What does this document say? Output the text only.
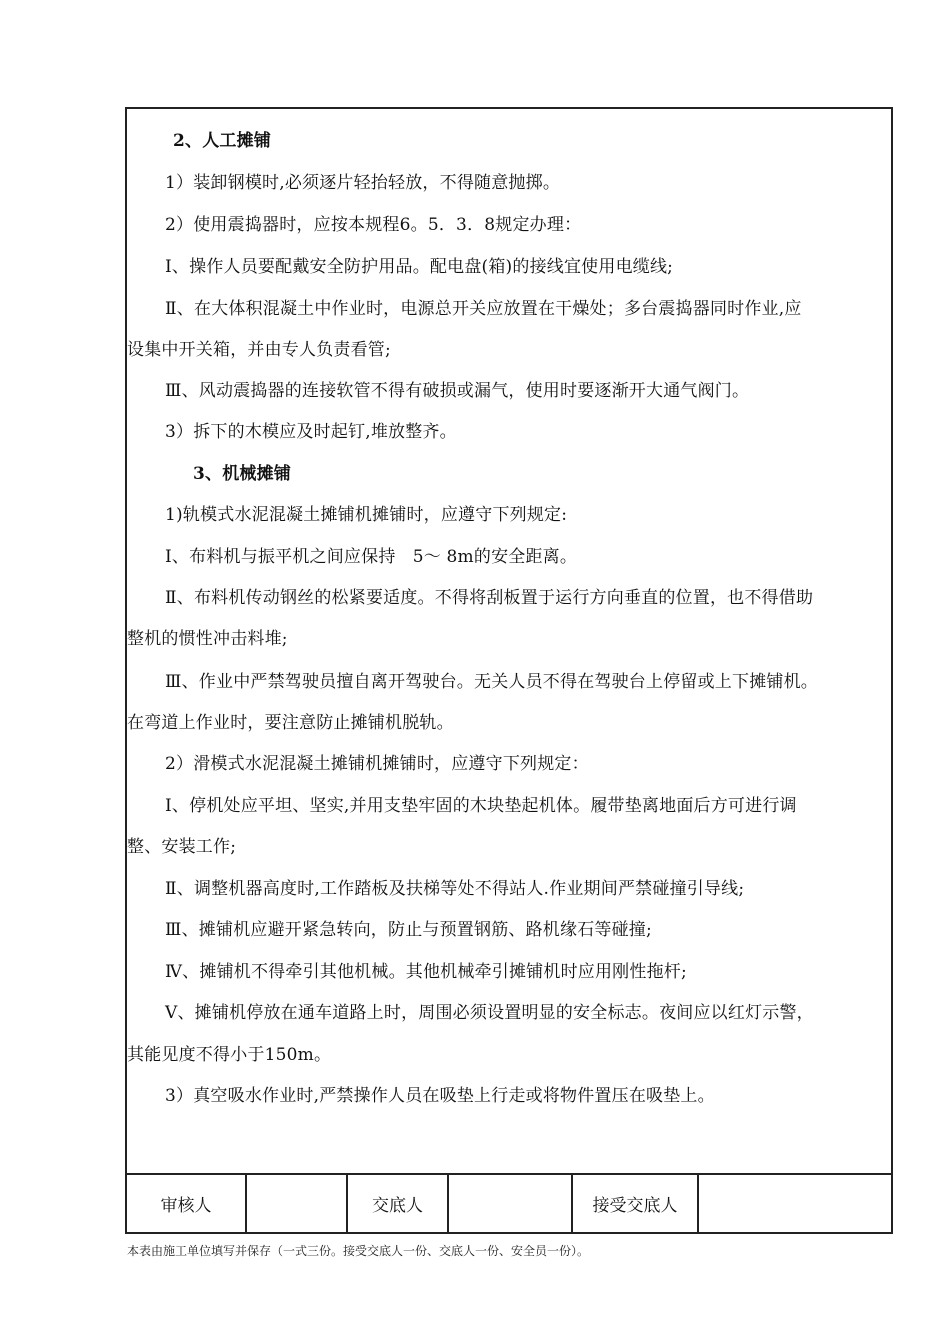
2、人工摊铺
1）装卸钢模时,必须逐片轻抬轻放，不得随意抛掷。
2）使用震捣器时，应按本规程6。5．3．8规定办理：
Ⅰ、操作人员要配戴安全防护用品。配电盘(箱)的接线宜使用电缆线;
Ⅱ、在大体积混凝土中作业时，电源总开关应放置在干燥处；多台震捣器同时作业,应
设集中开关箱，并由专人负责看管;
Ⅲ、风动震捣器的连接软管不得有破损或漏气，使用时要逐渐开大通气阀门。
3）拆下的木模应及时起钉,堆放整齐。
3、机械摊铺
1)轨模式水泥混凝土摊铺机摊铺时，应遵守下列规定:
Ⅰ、布料机与振平机之间应保持　5～ 8m的安全距离。
Ⅱ、布料机传动钢丝的松紧要适度。不得将刮板置于运行方向垂直的位置，也不得借助
整机的惯性冲击料堆;
Ⅲ、作业中严禁驾驶员擅自离开驾驶台。无关人员不得在驾驶台上停留或上下摊铺机。
在弯道上作业时，要注意防止摊铺机脱轨。
2）滑模式水泥混凝土摊铺机摊铺时，应遵守下列规定：
Ⅰ、停机处应平坦、坚实,并用支垫牢固的木块垫起机体。履带垫离地面后方可进行调
整、安装工作;
Ⅱ、调整机器高度时,工作踏板及扶梯等处不得站人.作业期间严禁碰撞引导线;
Ⅲ、摊铺机应避开紧急转向，防止与预置钢筋、路机缘石等碰撞;
Ⅳ、摊铺机不得牵引其他机械。其他机械牵引摊铺机时应用刚性拖杆;
Ⅴ、摊铺机停放在通车道路上时，周围必须设置明显的安全标志。夜间应以红灯示警，
其能见度不得小于150m。
3）真空吸水作业时,严禁操作人员在吸垫上行走或将物件置压在吸垫上。
审核人	交底人	接受交底人
本表由施工单位填写并保存（一式三份。接受交底人一份、交底人一份、安全员一份）。
